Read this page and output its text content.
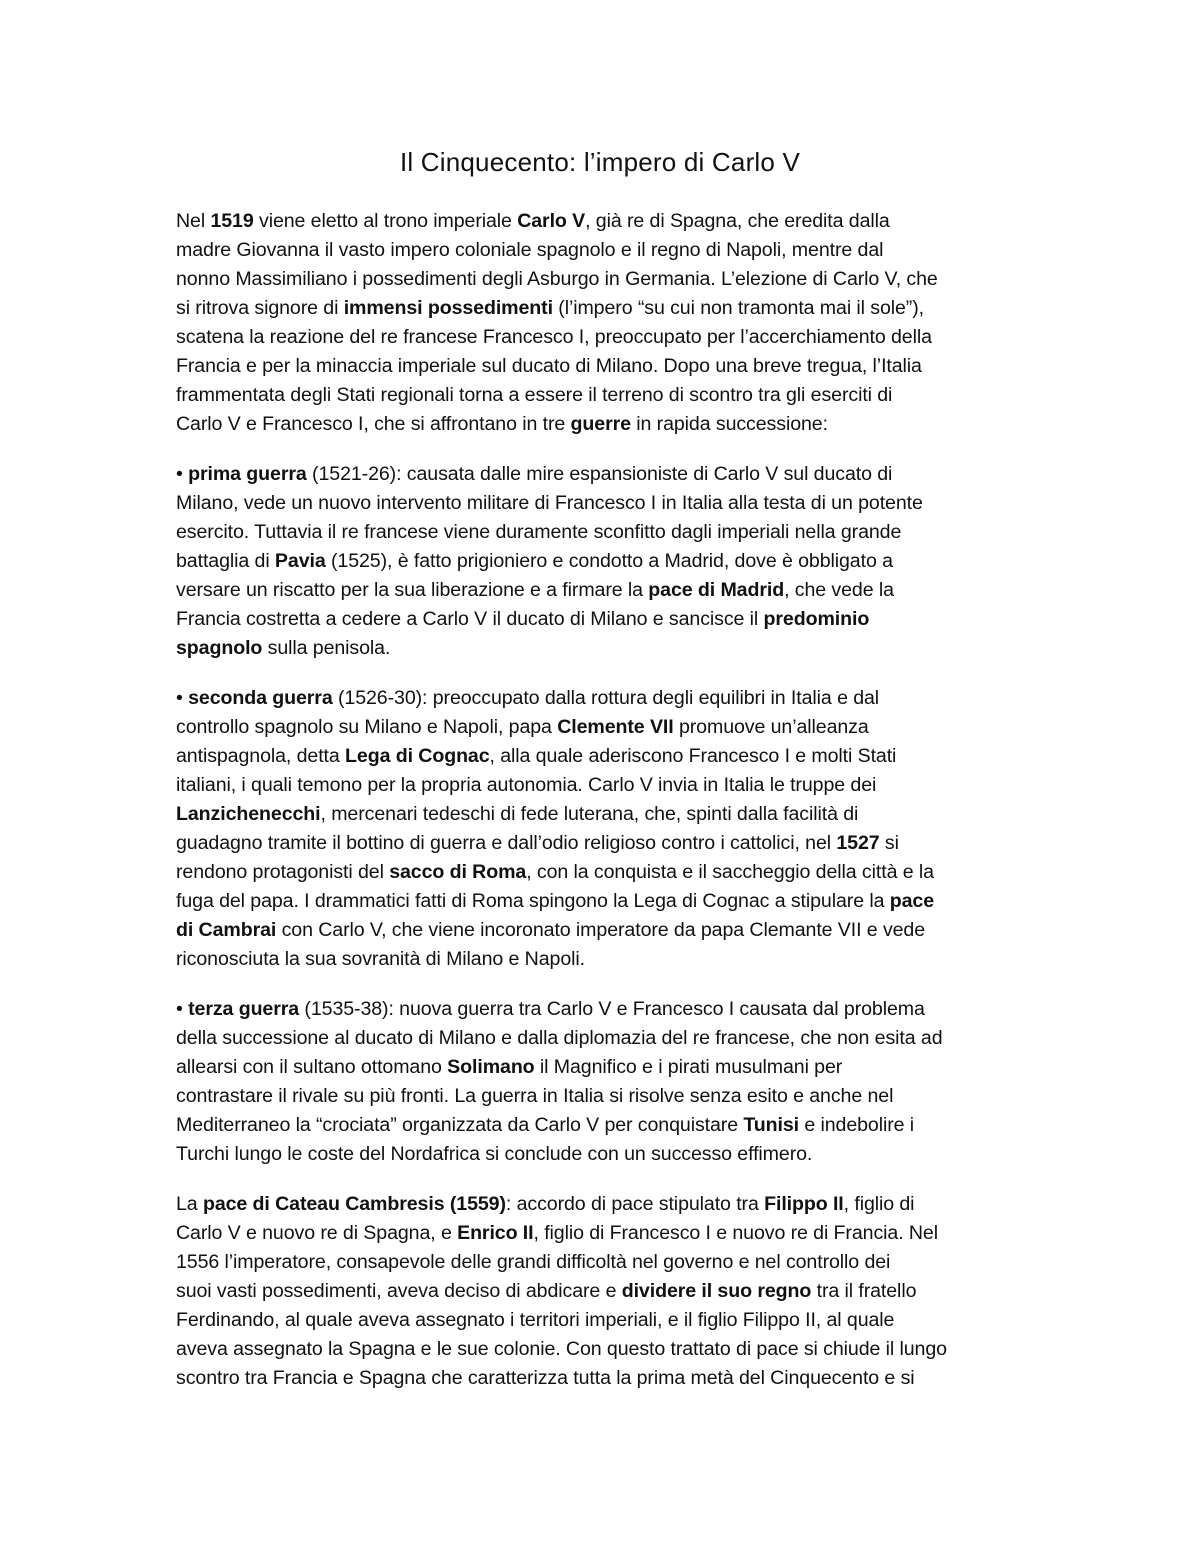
Il Cinquecento: l’impero di Carlo V
Nel 1519 viene eletto al trono imperiale Carlo V, già re di Spagna, che eredita dalla
madre Giovanna il vasto impero coloniale spagnolo e il regno di Napoli, mentre dal
nonno Massimiliano i possedimenti degli Asburgo in Germania. L’elezione di Carlo V, che
si ritrova signore di immensi possedimenti (l’impero “su cui non tramonta mai il sole”),
scatena la reazione del re francese Francesco I, preoccupato per l’accerchiamento della
Francia e per la minaccia imperiale sul ducato di Milano. Dopo una breve tregua, l’Italia
frammentata degli Stati regionali torna a essere il terreno di scontro tra gli eserciti di
Carlo V e Francesco I, che si affrontano in tre guerre in rapida successione:
• prima guerra (1521-26): causata dalle mire espansioniste di Carlo V sul ducato di
Milano, vede un nuovo intervento militare di Francesco I in Italia alla testa di un potente
esercito. Tuttavia il re francese viene duramente sconfitto dagli imperiali nella grande
battaglia di Pavia (1525), è fatto prigioniero e condotto a Madrid, dove è obbligato a
versare un riscatto per la sua liberazione e a firmare la pace di Madrid, che vede la
Francia costretta a cedere a Carlo V il ducato di Milano e sancisce il predominio
spagnolo sulla penisola.
• seconda guerra (1526-30): preoccupato dalla rottura degli equilibri in Italia e dal
controllo spagnolo su Milano e Napoli, papa Clemente VII promuove un’alleanza
antispagnola, detta Lega di Cognac, alla quale aderiscono Francesco I e molti Stati
italiani, i quali temono per la propria autonomia. Carlo V invia in Italia le truppe dei
Lanzichenecchi, mercenari tedeschi di fede luterana, che, spinti dalla facilità di
guadagno tramite il bottino di guerra e dall’odio religioso contro i cattolici, nel 1527 si
rendono protagonisti del sacco di Roma, con la conquista e il saccheggio della città e la
fuga del papa. I drammatici fatti di Roma spingono la Lega di Cognac a stipulare la pace
di Cambrai con Carlo V, che viene incoronato imperatore da papa Clemante VII e vede
riconosciuta la sua sovranità di Milano e Napoli.
• terza guerra (1535-38): nuova guerra tra Carlo V e Francesco I causata dal problema
della successione al ducato di Milano e dalla diplomazia del re francese, che non esita ad
allearsi con il sultano ottomano Solimano il Magnifico e i pirati musulmani per
contrastare il rivale su più fronti. La guerra in Italia si risolve senza esito e anche nel
Mediterraneo la “crociata” organizzata da Carlo V per conquistare Tunisi e indebolire i
Turchi lungo le coste del Nordafrica si conclude con un successo effimero.
La pace di Cateau Cambresis (1559): accordo di pace stipulato tra Filippo II, figlio di
Carlo V e nuovo re di Spagna, e Enrico II, figlio di Francesco I e nuovo re di Francia. Nel
1556 l’imperatore, consapevole delle grandi difficoltà nel governo e nel controllo dei
suoi vasti possedimenti, aveva deciso di abdicare e dividere il suo regno tra il fratello
Ferdinando, al quale aveva assegnato i territori imperiali, e il figlio Filippo II, al quale
aveva assegnato la Spagna e le sue colonie. Con questo trattato di pace si chiude il lungo
scontro tra Francia e Spagna che caratterizza tutta la prima metà del Cinquecento e si
